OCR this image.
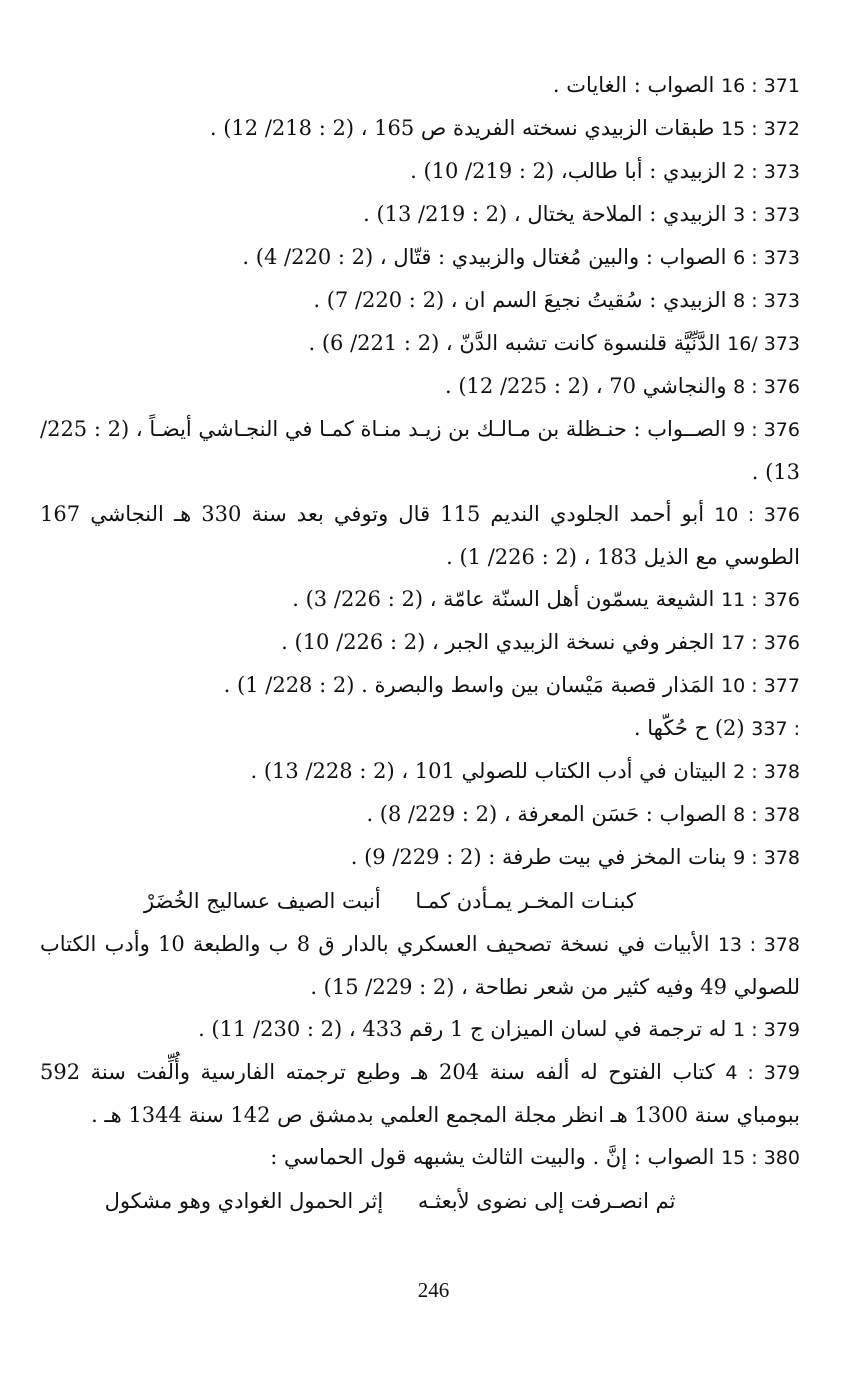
16 : 371 الصواب : الغايات .
15 : 372 طبقات الزبيدي نسخته الفريدة ص 165 ، (2 : 218/ 12) .
2 : 373 الزبيدي : أبا طالب، (2 : 219/ 10) .
3 : 373 الزبيدي : الملاحة يختال ، (2 : 219/ 13) .
6 : 373 الصواب : والبين مُغتال والزبيدي : قتّال ، (2 : 220/ 4) .
8 : 373 الزبيدي : سُقيتُ نجيعَ السم ان ، (2 : 220/ 7) .
16/ 373 الدَّنِّيَّة قلنسوة كانت تشبه الدَّنّ ، (2 : 221/ 6) .
8 : 376 والنجاشي 70 ، (2 : 225/ 12) .
9 : 376 الصــواب : حنـظلة بن مـالـك بن زيـد منـاة كمـا في النجـاشي أيضـاً ، (2 : 225/ 13) .
10 : 376 أبو أحمد الجلودي النديم 115 قال وتوفي بعد سنة 330 هـ النجاشي 167 الطوسي مع الذيل 183 ، (2 : 226/ 1) .
11 : 376 الشيعة يسمّون أهل السنّة عامّة ، (2 : 226/ 3) .
17 : 376 الجفر وفي نسخة الزبيدي الجبر ، (2 : 226/ 10) .
10 : 377 المَذار قصبة مَيْسان بين واسط والبصرة . (2 : 228/ 1) .
337 : (2) ح حُكّها .
2 : 378 البيتان في أدب الكتاب للصولي 101 ، (2 : 228/ 13) .
8 : 378 الصواب : حَسَن المعرفة ، (2 : 229/ 8) .
9 : 378 بنات المخز في بيت طرفة : (2 : 229/ 9) .
كبنـات المخـر يمـأدن كمـا أنبت الصيف عساليج الخُضَرْ
13 : 378 الأبيات في نسخة تصحيف العسكري بالدار ق 8 ب والطبعة 10 وأدب الكتاب للصولي 49 وفيه كثير من شعر نطاحة ، (2 : 229/ 15) .
1 : 379 له ترجمة في لسان الميزان ج 1 رقم 433 ، (2 : 230/ 11) .
4 : 379 كتاب الفتوح له ألفه سنة 204 هـ وطبع ترجمته الفارسية وأُلِّفت سنة 592 ببومباي سنة 1300 هـ انظر مجلة المجمع العلمي بدمشق ص 142 سنة 1344 هـ .
15 : 380 الصواب : إنَّ . والبيت الثالث يشبهه قول الحماسي :
ثم انصـرفت إلى نضوى لأبعثـه إثر الحمول الغوادي وهو مشكول
246
